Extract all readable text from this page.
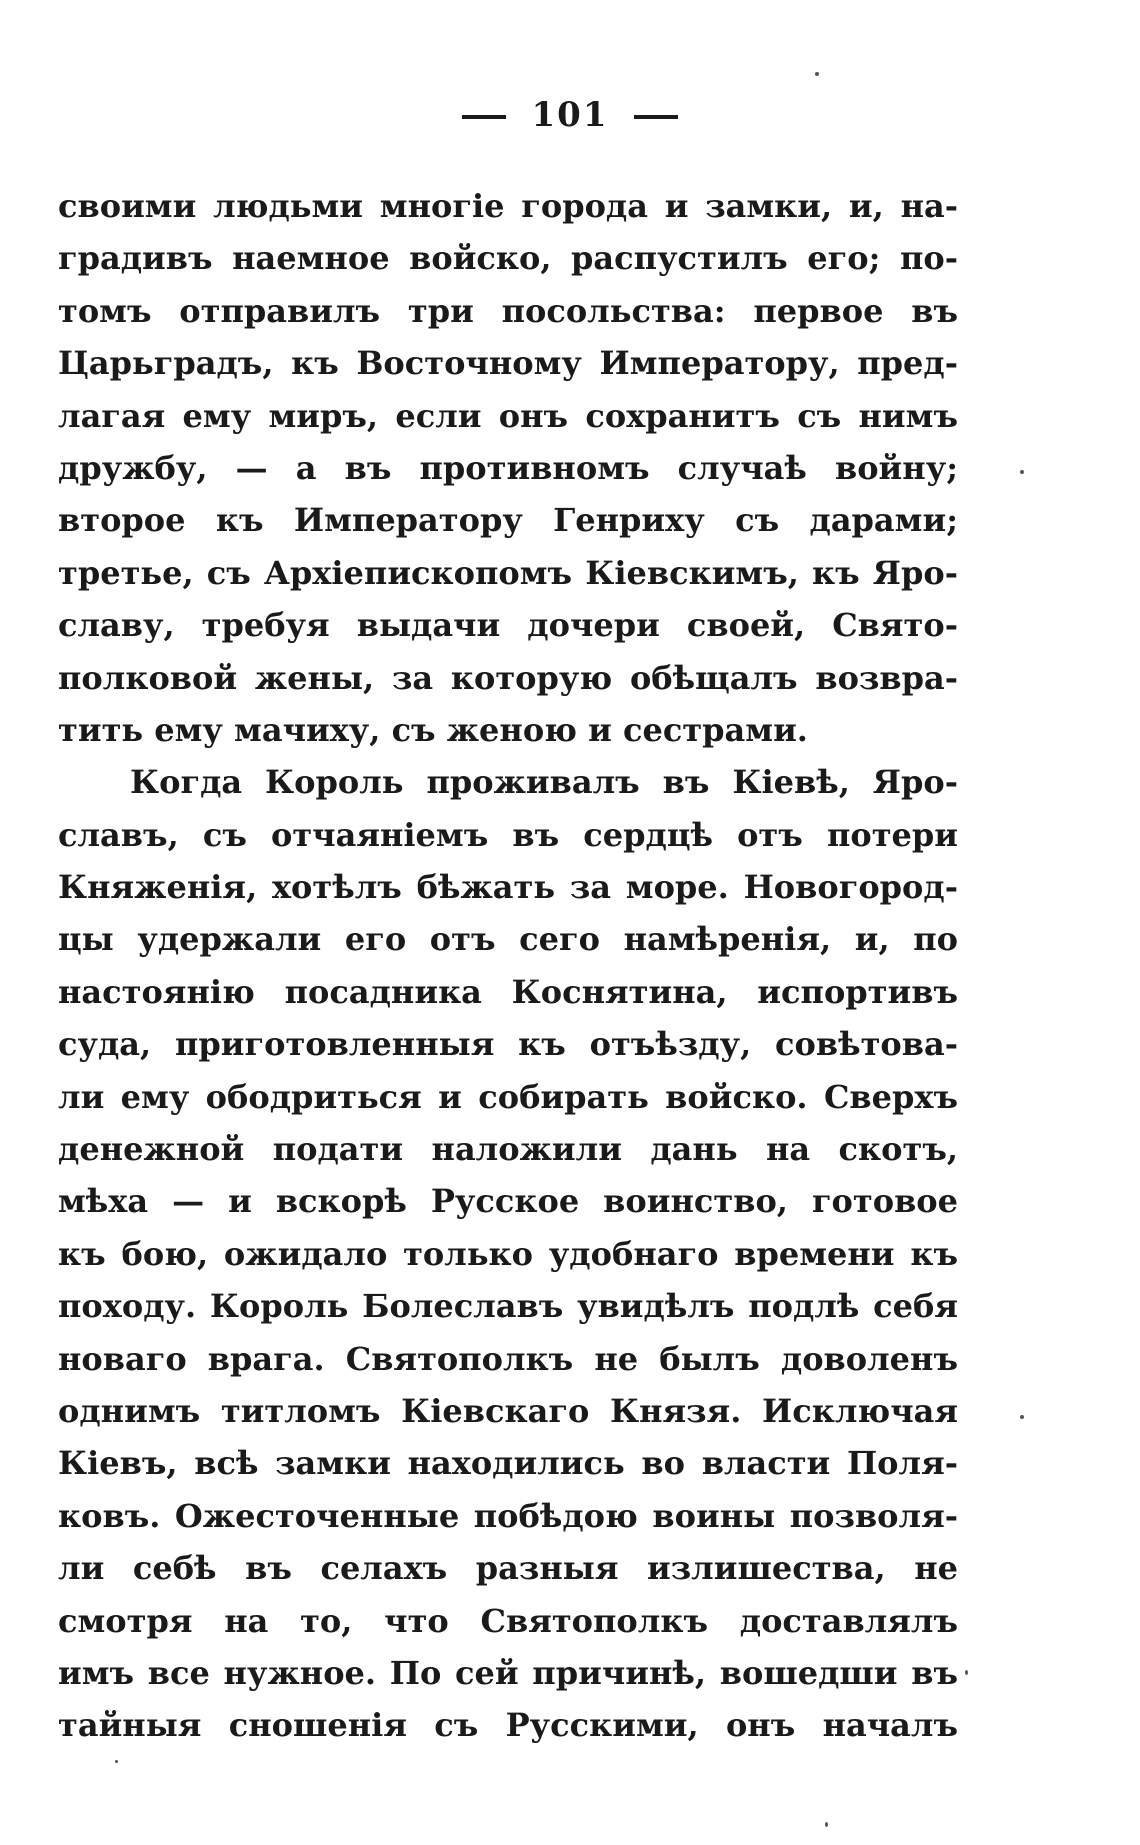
101
своими людьми многіе города и замки, и, на-
градивъ наемное войско, распустилъ его; по-
томъ отправилъ три посольства: первое въ
Царьградъ, къ Восточному Императору, пред-
лагая ему миръ, если онъ сохранитъ съ нимъ
дружбу, — а въ противномъ случаѣ войну;
второе къ Императору Генриху съ дарами;
третье, съ Архіепископомъ Кіевскимъ, къ Яро-
славу, требуя выдачи дочери своей, Свято-
полковой жены, за которую обѣщалъ возвра-
тить ему мачиху, съ женою и сестрами.
Когда Король проживалъ въ Кіевѣ, Яро-
славъ, съ отчаяніемъ въ сердцѣ отъ потери
Княженія, хотѣлъ бѣжать за море. Новогород-
цы удержали его отъ сего намѣренія, и, по
настоянію посадника Коснятина, испортивъ
суда, приготовленныя къ отъѣзду, совѣтова-
ли ему ободриться и собирать войско. Сверхъ
денежной подати наложили дань на скотъ,
мѣха — и вскорѣ Русское воинство, готовое
къ бою, ожидало только удобнаго времени къ
походу. Король Болеславъ увидѣлъ подлѣ себя
новаго врага. Святополкъ не былъ доволенъ
однимъ титломъ Кіевскаго Князя. Исключая
Кіевъ, всѣ замки находились во власти Поля-
ковъ. Ожесточенные побѣдою воины позволя-
ли себѣ въ селахъ разныя излишества, не
смотря на то, что Святополкъ доставлялъ
имъ все нужное. По сей причинѣ, вошедши въ
тайныя сношенія съ Русскими, онъ началъ
